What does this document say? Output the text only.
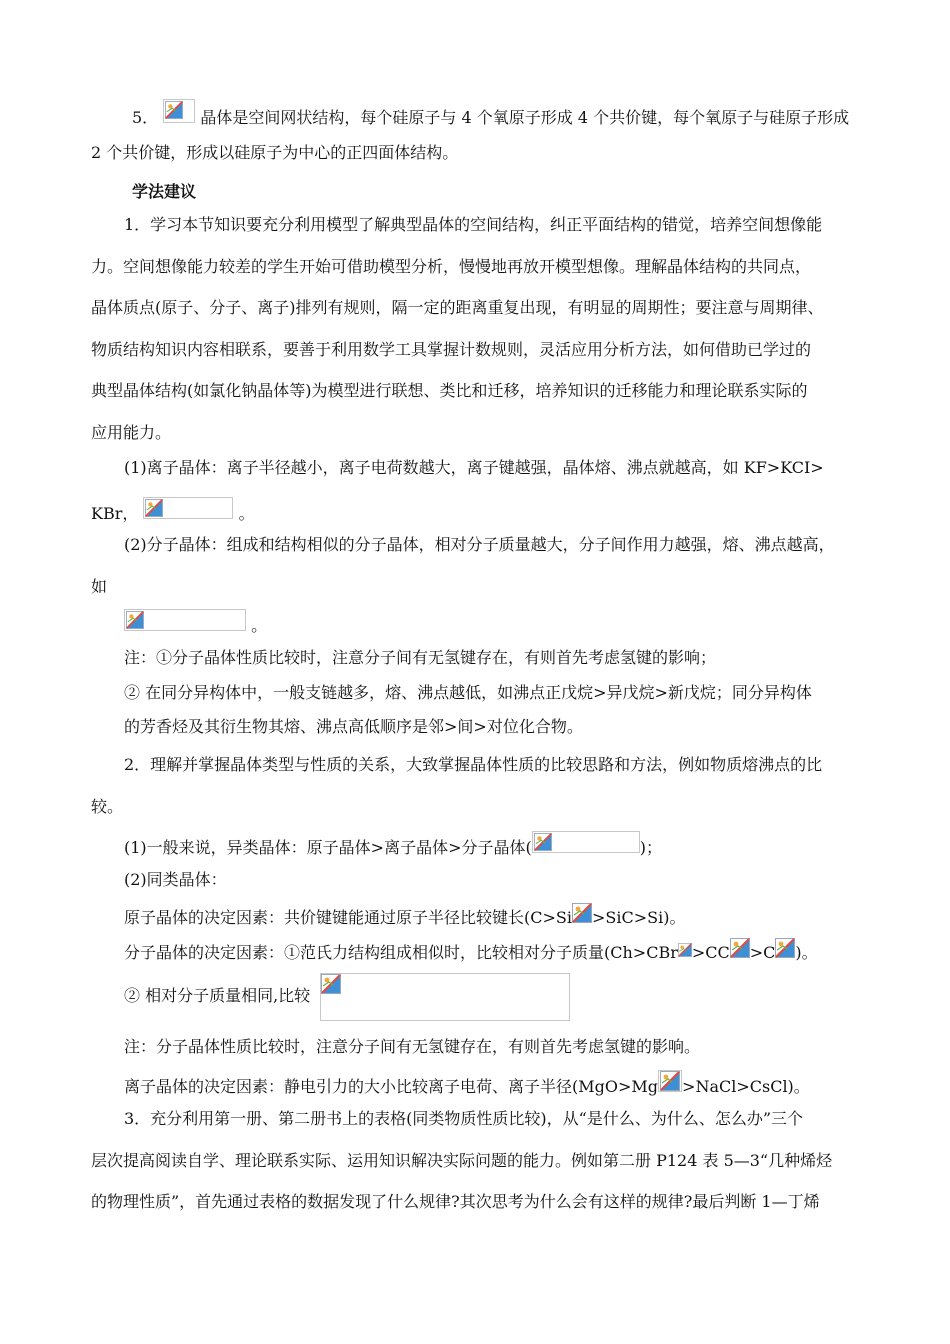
5．	晶体是空间网状结构，每个硅原子与 4 个氧原子形成 4 个共价键，每个氧原子与硅原子形成
2 个共价键，形成以硅原子为中心的正四面体结构。
学法建议
1．学习本节知识要充分利用模型了解典型晶体的空间结构，纠正平面结构的错觉，培养空间想像能
力。空间想像能力较差的学生开始可借助模型分析，慢慢地再放开模型想像。理解晶体结构的共同点，
晶体质点(原子、分子、离子)排列有规则，隔一定的距离重复出现，有明显的周期性；要注意与周期律、
物质结构知识内容相联系，要善于利用数学工具掌握计数规则，灵活应用分析方法，如何借助已学过的
典型晶体结构(如氯化钠晶体等)为模型进行联想、类比和迁移，培养知识的迁移能力和理论联系实际的
应用能力。
(1)离子晶体：离子半径越小，离子电荷数越大，离子键越强，晶体熔、沸点就越高，如 KF>KCI>
KBr，	。
(2)分子晶体：组成和结构相似的分子晶体，相对分子质量越大，分子间作用力越强，熔、沸点越高，
如
。
注：①分子晶体性质比较时，注意分子间有无氢键存在，有则首先考虑氢键的影响；
② 在同分异构体中，一般支链越多，熔、沸点越低，如沸点正戊烷>异戊烷>新戊烷；同分异构体
的芳香烃及其衍生物其熔、沸点高低顺序是邻>间>对位化合物。
2．理解并掌握晶体类型与性质的关系，大致掌握晶体性质的比较思路和方法，例如物质熔沸点的比
较。
(1)一般来说，异类晶体：原子晶体>离子晶体>分子晶体(	)；
(2)同类晶体：
原子晶体的决定因素：共价键键能通过原子半径比较键长(C>Si >SiC>Si)。
分子晶体的决定因素：①范氏力结构组成相似时，比较相对分子质量(Ch>CBr >CC >C )。
② 相对分子质量相同,比较
注：分子晶体性质比较时，注意分子间有无氢键存在，有则首先考虑氢键的影响。
离子晶体的决定因素：静电引力的大小比较离子电荷、离子半径(MgO>Mg >NaCl>CsCl)。
3．充分利用第一册、第二册书上的表格(同类物质性质比较)，从“是什么、为什么、怎么办”三个
层次提高阅读自学、理论联系实际、运用知识解决实际问题的能力。例如第二册 P124 表 5—3“几种烯烃
的物理性质”，首先通过表格的数据发现了什么规律?其次思考为什么会有这样的规律?最后判断 1—丁烯
